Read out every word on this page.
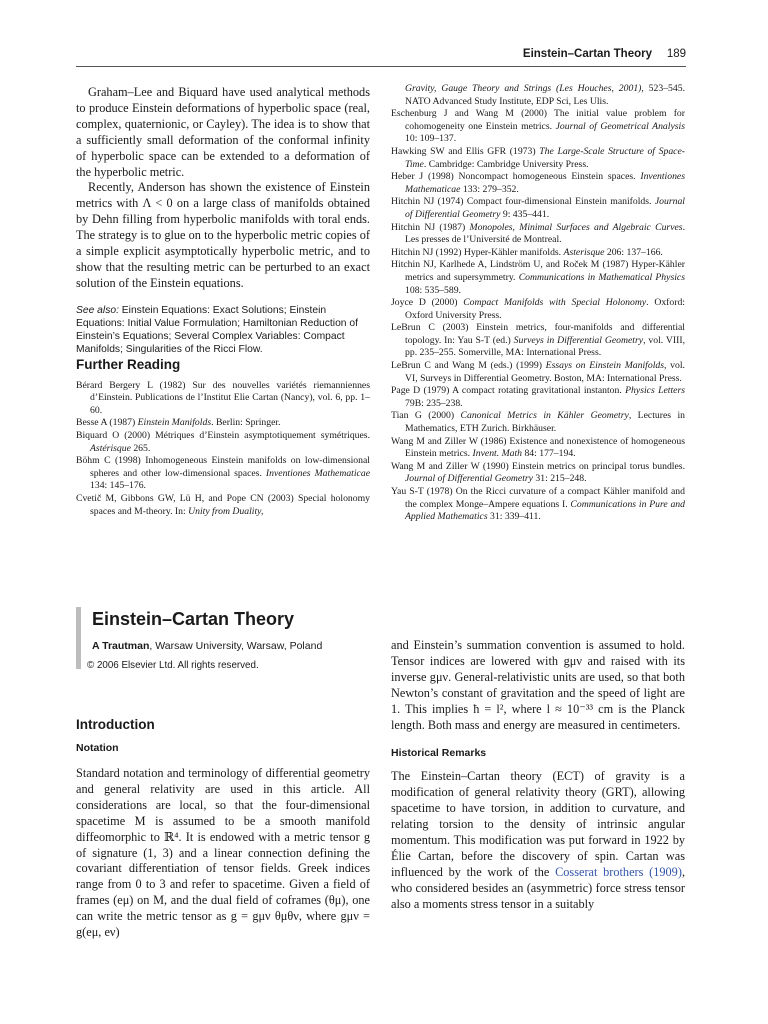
Einstein–Cartan Theory 189

Graham–Lee and Biquard have used analytical methods to produce Einstein deformations of hyperbolic space (real, complex, quaternionic, or Cayley). The idea is to show that a sufficiently small deformation of the conformal infinity of hyperbolic space can be extended to a deformation of the hyperbolic metric.

Recently, Anderson has shown the existence of Einstein metrics with Λ < 0 on a large class of manifolds obtained by Dehn filling from hyperbolic manifolds with toral ends. The strategy is to glue on to the hyperbolic metric copies of a simple explicit asymptotically hyperbolic metric, and to show that the resulting metric can be perturbed to an exact solution of the Einstein equations.

See also: Einstein Equations: Exact Solutions; Einstein Equations: Initial Value Formulation; Hamiltonian Reduction of Einstein’s Equations; Several Complex Variables: Compact Manifolds; Singularities of the Ricci Flow.
Further Reading
Bérard Bergery L (1982) Sur des nouvelles variétés riemanniennes d’Einstein. Publications de l’Institut Elie Cartan (Nancy), vol. 6, pp. 1–60.
Besse A (1987) Einstein Manifolds. Berlin: Springer.
Biquard O (2000) Métriques d’Einstein asymptotiquement symétriques. Astérisque 265.
Böhm C (1998) Inhomogeneous Einstein manifolds on low-dimensional spheres and other low-dimensional spaces. Inventiones Mathematicae 134: 145–176.
Cvetič M, Gibbons GW, Lü H, and Pope CN (2003) Special holonomy spaces and M-theory. In: Unity from Duality,
Gravity, Gauge Theory and Strings (Les Houches, 2001), 523–545. NATO Advanced Study Institute, EDP Sci, Les Ulis.
Eschenburg J and Wang M (2000) The initial value problem for cohomogeneity one Einstein metrics. Journal of Geometrical Analysis 10: 109–137.
Hawking SW and Ellis GFR (1973) The Large-Scale Structure of Space-Time. Cambridge: Cambridge University Press.
Heber J (1998) Noncompact homogeneous Einstein spaces. Inventiones Mathematicae 133: 279–352.
Hitchin NJ (1974) Compact four-dimensional Einstein manifolds. Journal of Differential Geometry 9: 435–441.
Hitchin NJ (1987) Monopoles, Minimal Surfaces and Algebraic Curves. Les presses de l’Université de Montreal.
Hitchin NJ (1992) Hyper-Kähler manifolds. Asterisque 206: 137–166.
Hitchin NJ, Karlhede A, Lindström U, and Roček M (1987) Hyper-Kähler metrics and supersymmetry. Communications in Mathematical Physics 108: 535–589.
Joyce D (2000) Compact Manifolds with Special Holonomy. Oxford: Oxford University Press.
LeBrun C (2003) Einstein metrics, four-manifolds and differential topology. In: Yau S-T (ed.) Surveys in Differential Geometry, vol. VIII, pp. 235–255. Somerville, MA: International Press.
LeBrun C and Wang M (eds.) (1999) Essays on Einstein Manifolds, vol. VI, Surveys in Differential Geometry. Boston, MA: International Press.
Page D (1979) A compact rotating gravitational instanton. Physics Letters 79B: 235–238.
Tian G (2000) Canonical Metrics in Kähler Geometry, Lectures in Mathematics, ETH Zurich. Birkhäuser.
Wang M and Ziller W (1986) Existence and nonexistence of homogeneous Einstein metrics. Invent. Math 84: 177–194.
Wang M and Ziller W (1990) Einstein metrics on principal torus bundles. Journal of Differential Geometry 31: 215–248.
Yau S-T (1978) On the Ricci curvature of a compact Kähler manifold and the complex Monge–Ampere equations I. Communications in Pure and Applied Mathematics 31: 339–411.
Einstein–Cartan Theory
A Trautman, Warsaw University, Warsaw, Poland
© 2006 Elsevier Ltd. All rights reserved.
Introduction
Notation

Standard notation and terminology of differential geometry and general relativity are used in this article. All considerations are local, so that the four-dimensional spacetime M is assumed to be a smooth manifold diffeomorphic to ℝ⁴. It is endowed with a metric tensor g of signature (1, 3) and a linear connection defining the covariant differentiation of tensor fields. Greek indices range from 0 to 3 and refer to spacetime. Given a field of frames (eμ) on M, and the dual field of coframes (θμ), one can write the metric tensor as g = gμν θμθν, where gμν = g(eμ, eν)

and Einstein’s summation convention is assumed to hold. Tensor indices are lowered with gμν and raised with its inverse gμν. General-relativistic units are used, so that both Newton’s constant of gravitation and the speed of light are 1. This implies ħ = l², where l ≈ 10⁻³³ cm is the Planck length. Both mass and energy are measured in centimeters.

Historical Remarks

The Einstein–Cartan theory (ECT) of gravity is a modification of general relativity theory (GRT), allowing spacetime to have torsion, in addition to curvature, and relating torsion to the density of intrinsic angular momentum. This modification was put forward in 1922 by Élie Cartan, before the discovery of spin. Cartan was influenced by the work of the Cosserat brothers (1909), who considered besides an (asymmetric) force stress tensor also a moments stress tensor in a suitably
